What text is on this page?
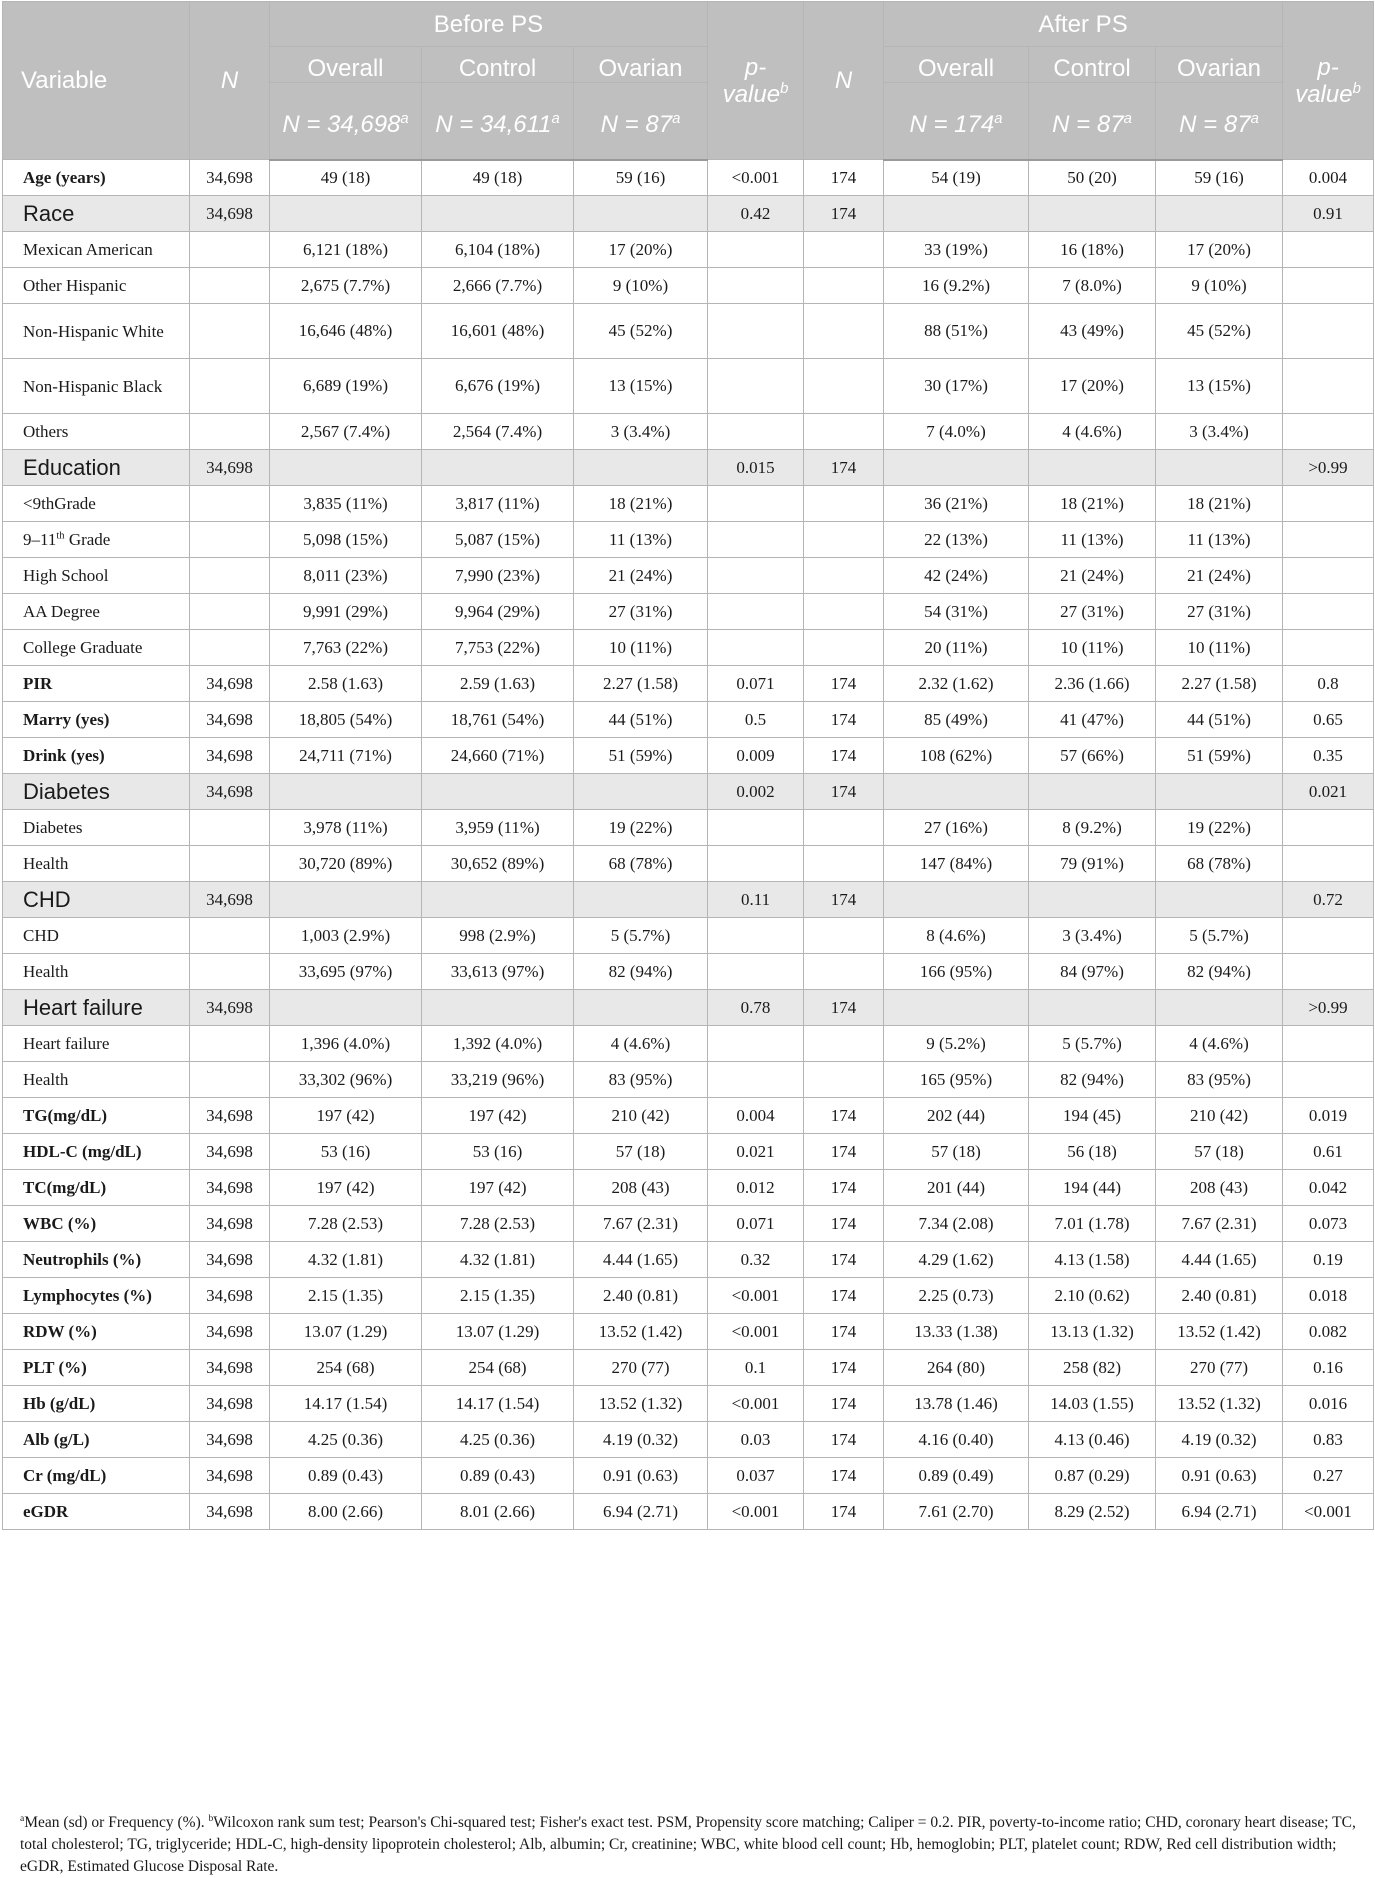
Variable	N	Before PS			p-value$^b$	N	After PS			p-value$^b$
		Overall	Control	Ovarian			Overall	Control	Ovarian	
		N = 34,698$^a$	N = 34,611$^a$	$N = 87^a$			$N = 174^a$	$N = 87^a$	$N = 87^a$
Age (years)	34,698	49 (18)	49 (18)	59 (16)	<0.001	174	54 (19)	50 (20)	59 (16)	0.004
Race	34,698				0.42	174				0.91
Mexican American		6,121 (18%)	6,104 (18%)	17 (20%)			33 (19%)	16 (18%)	17 (20%)	
Other Hispanic		2,675 (7.7%)	2,666 (7.7%)	9 (10%)			16 (9.2%)	7 (8.0%)	9 (10%)	
Non-Hispanic White		16,646 (48%)	16,601 (48%)	45 (52%)			88 (51%)	43 (49%)	45 (52%)	
Non-Hispanic Black		6,689 (19%)	6,676 (19%)	13 (15%)			30 (17%)	17 (20%)	13 (15%)	
Others		2,567 (7.4%)	2,564 (7.4%)	3 (3.4%)			7 (4.0%)	4 (4.6%)	3 (3.4%)	
Education	34,698				0.015	174				>0.99
<9thGrade		3,835 (11%)	3,817 (11%)	18 (21%)			36 (21%)	18 (21%)	18 (21%)	
9–11th Grade		5,098 (15%)	5,087 (15%)	11 (13%)			22 (13%)	11 (13%)	11 (13%)	
High School		8,011 (23%)	7,990 (23%)	21 (24%)			42 (24%)	21 (24%)	21 (24%)	
AA Degree		9,991 (29%)	9,964 (29%)	27 (31%)			54 (31%)	27 (31%)	27 (31%)	
College Graduate		7,763 (22%)	7,753 (22%)	10 (11%)			20 (11%)	10 (11%)	10 (11%)	
PIR	34,698	2.58 (1.63)	2.59 (1.63)	2.27 (1.58)	0.071	174	2.32 (1.62)	2.36 (1.66)	2.27 (1.58)	0.8
Marry (yes)	34,698	18,805 (54%)	18,761 (54%)	44 (51%)	0.5	174	85 (49%)	41 (47%)	44 (51%)	0.65
Drink (yes)	34,698	24,711 (71%)	24,660 (71%)	51 (59%)	0.009	174	108 (62%)	57 (66%)	51 (59%)	0.35
Diabetes	34,698				0.002	174				0.021
Diabetes		3,978 (11%)	3,959 (11%)	19 (22%)			27 (16%)	8 (9.2%)	19 (22%)	
Health		30,720 (89%)	30,652 (89%)	68 (78%)			147 (84%)	79 (91%)	68 (78%)	
CHD	34,698				0.11	174				0.72
CHD		1,003 (2.9%)	998 (2.9%)	5 (5.7%)			8 (4.6%)	3 (3.4%)	5 (5.7%)	
Health		33,695 (97%)	33,613 (97%)	82 (94%)			166 (95%)	84 (97%)	82 (94%)	
Heart failure	34,698				0.78	174				>0.99
Heart failure		1,396 (4.0%)	1,392 (4.0%)	4 (4.6%)			9 (5.2%)	5 (5.7%)	4 (4.6%)	
Health		33,302 (96%)	33,219 (96%)	83 (95%)			165 (95%)	82 (94%)	83 (95%)	
TG(mg/dL)	34,698	197 (42)	197 (42)	210 (42)	0.004	174	202 (44)	194 (45)	210 (42)	0.019
HDL-C (mg/dL)	34,698	53 (16)	53 (16)	57 (18)	0.021	174	57 (18)	56 (18)	57 (18)	0.61
TC(mg/dL)	34,698	197 (42)	197 (42)	208 (43)	0.012	174	201 (44)	194 (44)	208 (43)	0.042
WBC (%)	34,698	7.28 (2.53)	7.28 (2.53)	7.67 (2.31)	0.071	174	7.34 (2.08)	7.01 (1.78)	7.67 (2.31)	0.073
Neutrophils (%)	34,698	4.32 (1.81)	4.32 (1.81)	4.44 (1.65)	0.32	174	4.29 (1.62)	4.13 (1.58)	4.44 (1.65)	0.19
Lymphocytes (%)	34,698	2.15 (1.35)	2.15 (1.35)	2.40 (0.81)	<0.001	174	2.25 (0.73)	2.10 (0.62)	2.40 (0.81)	0.018
RDW (%)	34,698	13.07 (1.29)	13.07 (1.29)	13.52 (1.42)	<0.001	174	13.33 (1.38)	13.13 (1.32)	13.52 (1.42)	0.082
PLT (%)	34,698	254 (68)	254 (68)	270 (77)	0.1	174	264 (80)	258 (82)	270 (77)	0.16
Hb (g/dL)	34,698	14.17 (1.54)	14.17 (1.54)	13.52 (1.32)	<0.001	174	13.78 (1.46)	14.03 (1.55)	13.52 (1.32)	0.016
Alb (g/L)	34,698	4.25 (0.36)	4.25 (0.36)	4.19 (0.32)	0.03	174	4.16 (0.40)	4.13 (0.46)	4.19 (0.32)	0.83
Cr (mg/dL)	34,698	0.89 (0.43)	0.89 (0.43)	0.91 (0.63)	0.037	174	0.89 (0.49)	0.87 (0.29)	0.91 (0.63)	0.27
eGDR	34,698	8.00 (2.66)	8.01 (2.66)	6.94 (2.71)	<0.001	174	7.61 (2.70)	8.29 (2.52)	6.94 (2.71)	<0.001
$^a$Mean (sd) or Frequency (%). $^b$Wilcoxon rank sum test; Pearson's Chi-squared test; Fisher's exact test. PSM, Propensity score matching; Caliper = 0.2. PIR, poverty-to-income ratio; CHD, coronary heart disease; TC, total cholesterol; TG, triglyceride; HDL-C, high-density lipoprotein cholesterol; Alb, albumin; Cr, creatinine; WBC, white blood cell count; Hb, hemoglobin; PLT, platelet count; RDW, Red cell distribution width; eGDR, Estimated Glucose Disposal Rate.
